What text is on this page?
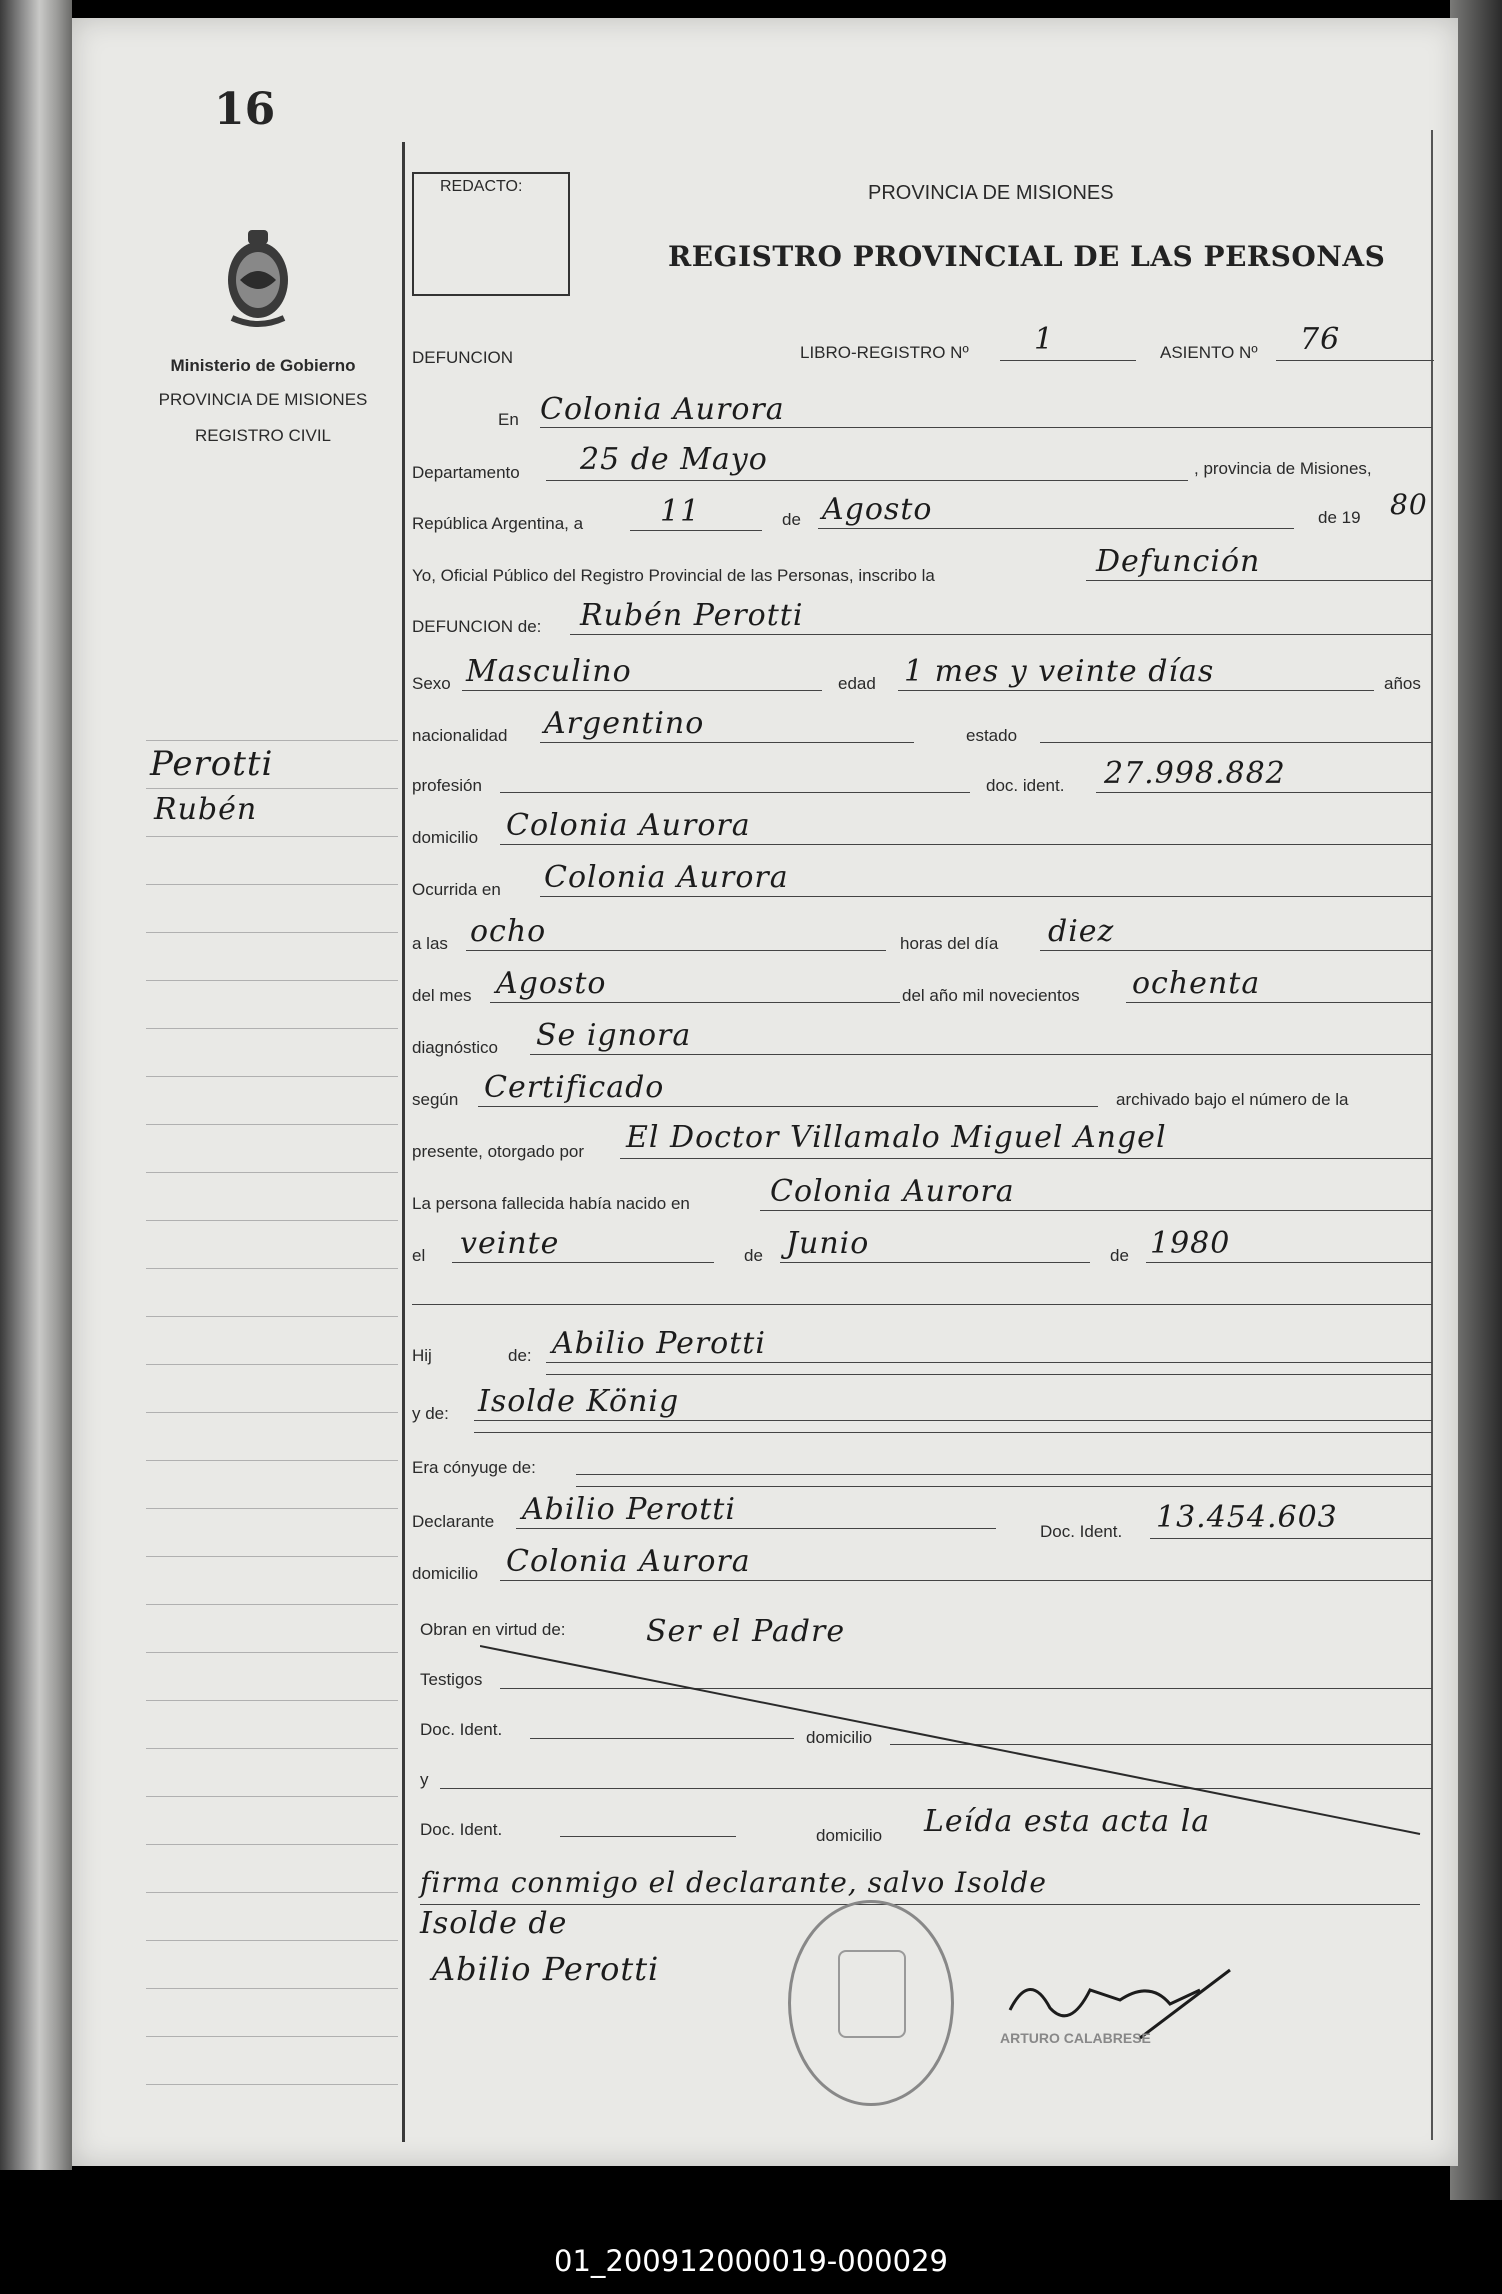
16
Ministerio de Gobierno
PROVINCIA DE MISIONES
REGISTRO CIVIL
Perotti
Rubén
REDACTO:	PROVINCIA DE MISIONES
REGISTRO PROVINCIAL DE LAS PERSONAS
DEFUNCION	LIBRO-REGISTRO Nº 1	ASIENTO Nº 76
En Colonia Aurora
Departamento 25 de Mayo	, provincia de Misiones,
República Argentina, a	11	de Agosto	de 19 80
Yo, Oficial Público del Registro Provincial de las Personas, inscribo la	Defunción
DEFUNCION de: Rubén Perotti
Sexo Masculino	edad 1 mes y veinte días	años
nacionalidad Argentino	estado
profesión	doc. ident. 27.998.882
domicilio Colonia Aurora
Ocurrida en Colonia Aurora
a las ocho	horas del día diez
del mes Agosto	del año mil novecientos ochenta
diagnóstico Se ignora
según Certificado	archivado bajo el número de la
presente, otorgado por El Doctor Villamalo Miguel Angel
La persona fallecida había nacido en	Colonia Aurora
el veinte	de Junio	de 1980
Hij	de: Abilio Perotti
y de: Isolde König
Era cónyuge de:
Declarante Abilio Perotti
Doc. Ident. 13.454.603
domicilio Colonia Aurora
Obran en virtud de:	Ser el Padre
Testigos
Doc. Ident.	domicilio
y
Doc. Ident.	domicilio Leída esta acta la
firma conmigo el declarante, salvo Isolde
Isolde de
Abilio Perotti
ARTURO CALABRESE
01_200912000019-000029
